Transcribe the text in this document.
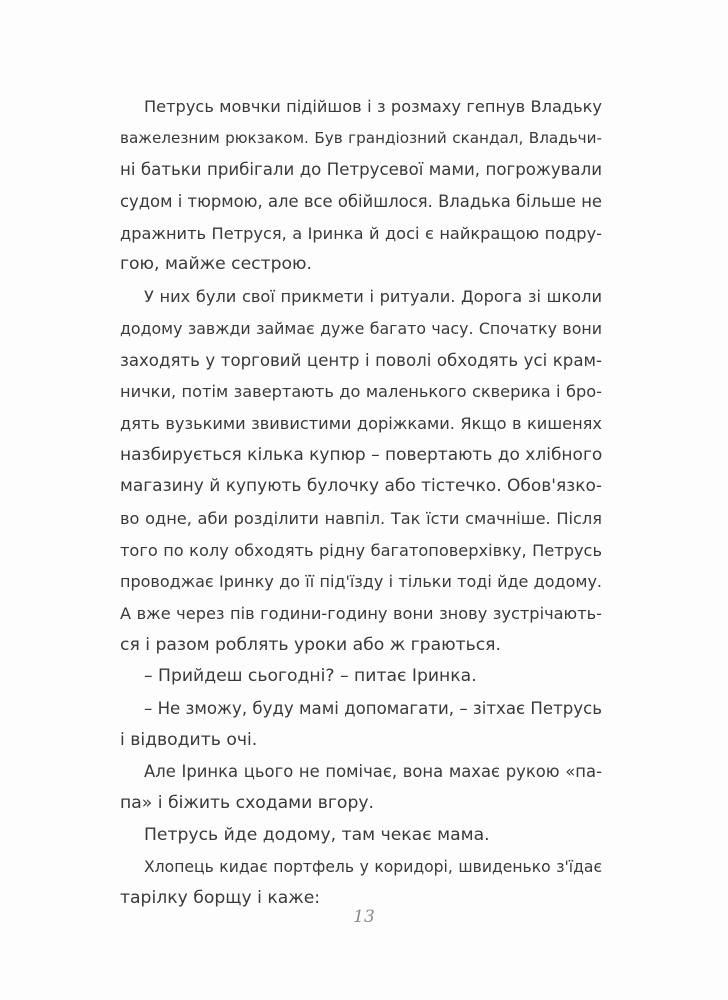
Петрусь мовчки підійшов і з розмаху гепнув Владьку
важелезним рюкзаком. Був грандіозний скандал, Владьчи-
ні батьки прибігали до Петрусевої мами, погрожували
судом і тюрмою, але все обійшлося. Владька більше не
дражнить Петруся, а Іринка й досі є найкращою подру-
гою, майже сестрою.
У них були свої прикмети і ритуали. Дорога зі школи
додому завжди займає дуже багато часу. Спочатку вони
заходять у торговий центр і поволі обходять усі крам-
нички, потім завертають до маленького скверика і бро-
дять вузькими звивистими доріжками. Якщо в кишенях
назбирується кілька купюр – повертають до хлібного
магазину й купують булочку або тістечко. Обов'язко-
во одне, аби розділити навпіл. Так їсти смачніше. Після
того по колу обходять рідну багатоповерхівку, Петрусь
проводжає Іринку до її під'їзду і тільки тоді йде додому.
А вже через пів години-годину вони знову зустрічають-
ся і разом роблять уроки або ж граються.
– Прийдеш сьогодні? – питає Іринка.
– Не зможу, буду мамі допомагати, – зітхає Петрусь
і відводить очі.
Але Іринка цього не помічає, вона махає рукою «па-
па» і біжить сходами вгору.
Петрусь йде додому, там чекає мама.
Хлопець кидає портфель у коридорі, швиденько з'їдає
тарілку борщу і каже:
13
